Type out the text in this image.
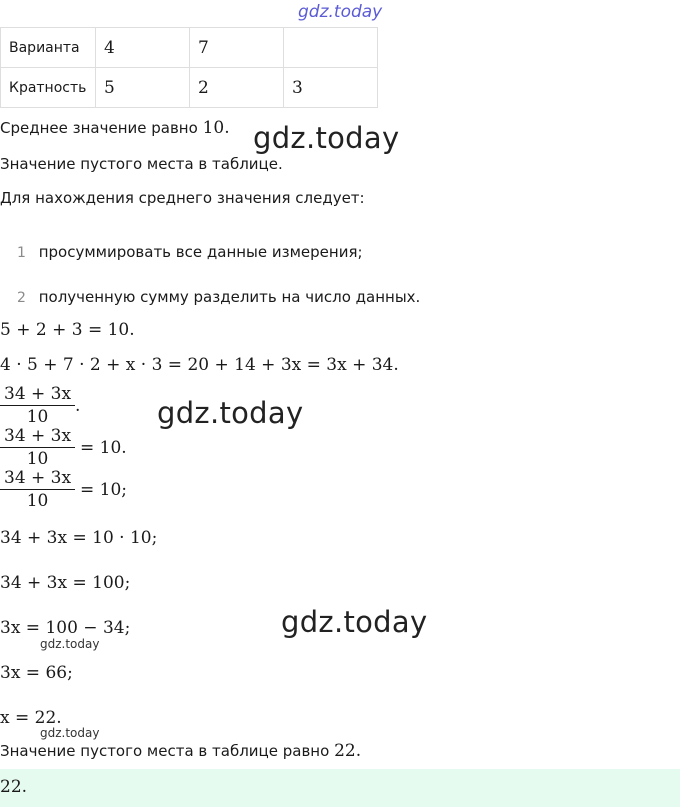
gdz.today
Варианта	4	7	
Кратность	5	2	3
Среднее значение равно 10. gdz.today
Значение пустого места в таблице.
Для нахождения среднего значения следует:
1 просуммировать все данные измерения;
2 полученную сумму разделить на число данных.
5 + 2 + 3 = 10.
4 · 5 + 7 · 2 + x · 3 = 20 + 14 + 3x = 3x + 34.
$\frac{34 + 3x}{10}$ .	gdz.today
$\frac{34 + 3x}{10} = 10$.
$\frac{34 + 3x}{10} = 10$;
34 + 3x = 10 · 10;
34 + 3x = 100;
3x = 100 − 34;	gdz.today
gdz.today
3x = 66;
x = 22.
gdz.today
Значение пустого места в таблице равно 22.
22.
